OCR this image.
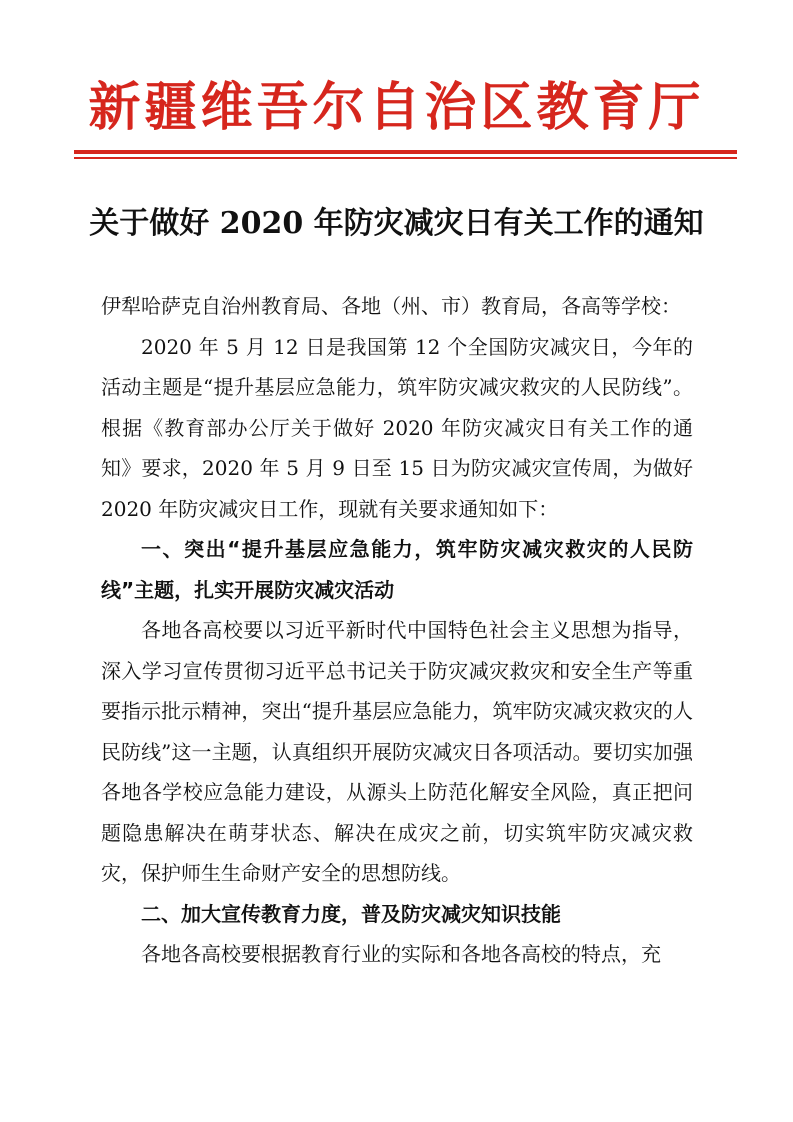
新疆维吾尔自治区教育厅
关于做好 2020 年防灾减灾日有关工作的通知

伊犁哈萨克自治州教育局、各地（州、市）教育局，各高等学校：

2020 年 5 月 12 日是我国第 12 个全国防灾减灾日，今年的活动主题是“提升基层应急能力，筑牢防灾减灾救灾的人民防线”。根据《教育部办公厅关于做好 2020 年防灾减灾日有关工作的通知》要求，2020 年 5 月 9 日至 15 日为防灾减灾宣传周，为做好 2020 年防灾减灾日工作，现就有关要求通知如下：

一、突出“提升基层应急能力，筑牢防灾减灾救灾的人民防线”主题，扎实开展防灾减灾活动

各地各高校要以习近平新时代中国特色社会主义思想为指导，深入学习宣传贯彻习近平总书记关于防灾减灾救灾和安全生产等重要指示批示精神，突出“提升基层应急能力，筑牢防灾减灾救灾的人民防线”这一主题，认真组织开展防灾减灾日各项活动。要切实加强各地各学校应急能力建设，从源头上防范化解安全风险，真正把问题隐患解决在萌芽状态、解决在成灾之前，切实筑牢防灾减灾救灾，保护师生生命财产安全的思想防线。

二、加大宣传教育力度，普及防灾减灾知识技能

各地各高校要根据教育行业的实际和各地各高校的特点，充
